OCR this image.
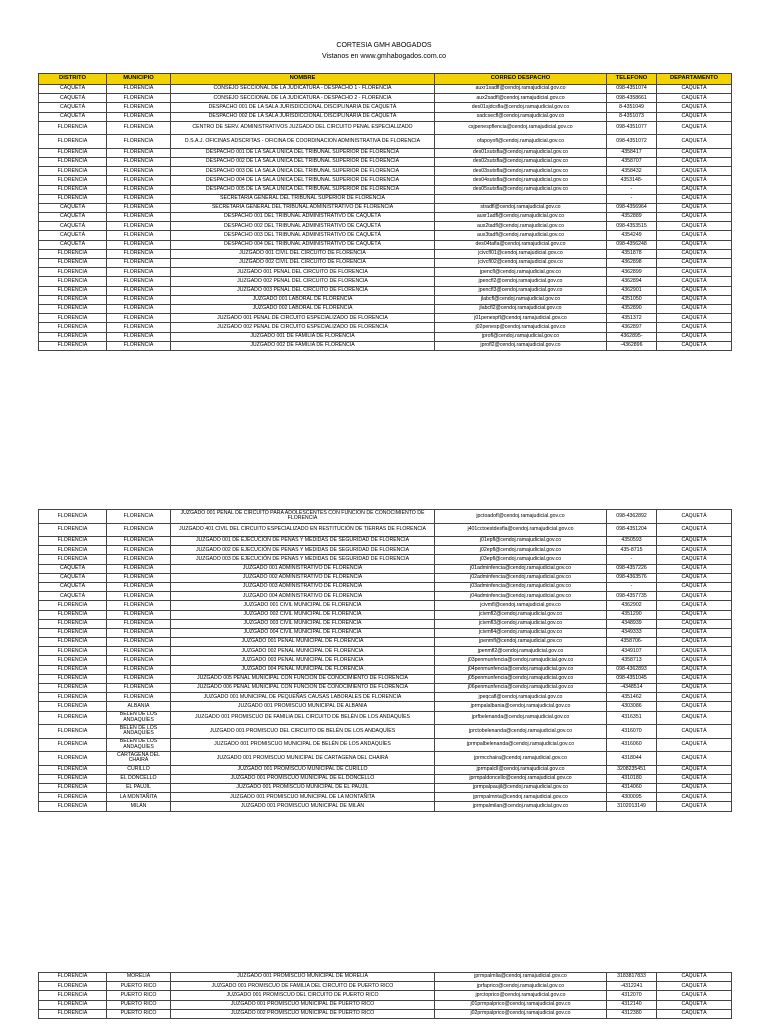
CORTESIA GMH ABOGADOS
Vistanos en www.gmhabogados.com.co
DISTRITO	MUNICIPIO	NOMBRE	CORREO DESPACHO	TELEFONO	DEPARTAMENTO
CAQUETÁ	FLORENCIA	CONSEJO SECCIONAL DE LA JUDICATURA - DESPACHO 1 - FLORENCIA	auxr1sadfl@cendoj.ramajudicial.gov.co	098-4351074	CAQUETÁ
CAQUETÁ	FLORENCIA	CONSEJO SECCIONAL DE LA JUDICATURA - DESPACHO 2 - FLORENCIA	aux2sadfl@cendoj.ramajudicial.gov.co	098-4358661	CAQUETÁ
CAQUETÁ	FLORENCIA	DESPACHO 001 DE LA SALA JURISDICCIONAL DISCIPLINARIA DE CAQUETÁ	des01sjdcsfla@cendoj.ramajudicial.gov.co	8-4351049	CAQUETÁ
CAQUETÁ	FLORENCIA	DESPACHO 002 DE LA SALA JURISDICCIONAL DISCIPLINARIA DE CAQUETÁ	sadcsecfl@cendoj.ramajudicial.gov.co	8-4351073	CAQUETÁ
FLORENCIA	FLORENCIA	CENTRO DE SERV. ADMINISTRATIVOS JUZGADO DEL CIRCUITO PENAL ESPECIALIZADO	csjpenespflencia@cendoj.ramajudicial.gov.co	098-4351077	CAQUETÁ
FLORENCIA	FLORENCIA	D.S.A.J. OFICINAS ADSCRITAS - OFICINA DE COORDINACION ADMINISTRATIVA DE FLORENCIA	ofapoyofl@cendoj.ramajudicial.gov.co	098-4351072	CAQUETÁ
FLORENCIA	FLORENCIA	DESPACHO 001 DE LA SALA ÚNICA DEL TRIBUNAL SUPERIOR DE FLORENCIA	des01sutsfla@cendoj.ramajudicial.gov.co	4358417	CAQUETÁ
FLORENCIA	FLORENCIA	DESPACHO 002 DE LA SALA ÚNICA DEL TRIBUNAL SUPERIOR DE FLORENCIA	des02sutsfla@cendoj.ramajudicial.gov.co	4358707	CAQUETÁ
FLORENCIA	FLORENCIA	DESPACHO 003 DE LA SALA ÚNICA DEL TRIBUNAL SUPERIOR DE FLORENCIA	des03sutsfla@cendoj.ramajudicial.gov.co	4358432	CAQUETÁ
FLORENCIA	FLORENCIA	DESPACHO 004 DE LA SALA ÚNICA DEL TRIBUNAL SUPERIOR DE FLORENCIA	des04sutsfla@cendoj.ramajudicial.gov.co	4353148-	CAQUETÁ
FLORENCIA	FLORENCIA	DESPACHO 005 DE LA SALA ÚNICA DEL TRIBUNAL SUPERIOR DE FLORENCIA	des05sutsfla@cendoj.ramajudicial.gov.co	-	CAQUETÁ
FLORENCIA	FLORENCIA	SECRETARIA GENERAL DEL TRIBUNAL SUPERIOR DE FLORENCIA		-	CAQUETÁ
CAQUETÁ	FLORENCIA	SECRETARÍA GENERAL DEL TRIBUNAL ADMINISTRATIVO DE FLORENCIA	stradfl@cendoj.ramajudicial.gov.co	098-4356964	CAQUETÁ
CAQUETÁ	FLORENCIA	DESPACHO 001 DEL TRIBUNAL ADMINISTRATIVO DE CAQUETÁ	auxr1adfl@cendoj.ramajudicial.gov.co	4352889	CAQUETÁ
CAQUETÁ	FLORENCIA	DESPACHO 002 DEL TRIBUNAL ADMINISTRATIVO DE CAQUETÁ	aux2tadfl@cendoj.ramajudicial.gov.co	098-4353515	CAQUETÁ
CAQUETÁ	FLORENCIA	DESPACHO 003 DEL TRIBUNAL ADMINISTRATIVO DE CAQUETÁ	aux3tadfl@cendoj.ramajudicial.gov.co	4354249	CAQUETÁ
CAQUETÁ	FLORENCIA	DESPACHO 004 DEL TRIBUNAL ADMINISTRATIVO DE CAQUETÁ	des04tafla@cendoj.ramajudicial.gov.co	098-4356248	CAQUETÁ
FLORENCIA	FLORENCIA	JUZGADO 001 CIVIL DEL CIRCUITO DE FLORENCIA	jcivcfl01@cendoj.ramajudicial.gov.co	4351878	CAQUETÁ
FLORENCIA	FLORENCIA	JUZGADO 002 CIVIL DEL CIRCUITO DE FLORENCIA	jcivcfl02@cendoj.ramajudicial.gov.co	4362898	CAQUETÁ
FLORENCIA	FLORENCIA	JUZGADO 001 PENAL DEL CIRCUITO DE FLORENCIA	jpencfl@cendoj.ramajudicial.gov.co	4362899	CAQUETÁ
FLORENCIA	FLORENCIA	JUZGADO 002 PENAL DEL CIRCUITO DE FLORENCIA	jpencfl2@cendoj.ramajudicial.gov.co	4362894	CAQUETÁ
FLORENCIA	FLORENCIA	JUZGADO 003 PENAL DEL CIRCUITO DE FLORENCIA	jpencfl3@cendoj.ramajudicial.gov.co	4362901	CAQUETÁ
FLORENCIA	FLORENCIA	JUZGADO 001 LABORAL DE FLORENCIA	jlabcfl@cendoj.ramajudicial.gov.co	4351050	CAQUETÁ
FLORENCIA	FLORENCIA	JUZGADO 002 LABORAL DE FLORENCIA	jlabcfl2@cendoj.ramajudicial.gov.co	4352890	CAQUETÁ
FLORENCIA	FLORENCIA	JUZGADO 001 PENAL DE CIRCUITO ESPECIALIZADO DE FLORENCIA	j01penespfl@cendoj.ramajudicial.gov.co	4351372	CAQUETÁ
FLORENCIA	FLORENCIA	JUZGADO 002 PENAL DE CIRCUITO ESPECIALIZADO DE FLORENCIA	j02penesp@cendoj.ramajudicial.gov.co	4362897	CAQUETÁ
FLORENCIA	FLORENCIA	JUZGADO 001 DE FAMILIA DE FLORENCIA	jprofl@cendoj.ramajudicial.gov.co	4362895-	CAQUETÁ
FLORENCIA	FLORENCIA	JUZGADO 002 DE FAMILIA DE FLORENCIA	jprofl2@cendoj.ramajudicial.gov.co	-4362896	CAQUETÁ
FLORENCIA	FLORENCIA	JUZGADO 001 PENAL DE CIRCUITO PARA ADOLESCENTES CON FUNCIÓN DE CONOCIMIENTO DE FLORENCIA	jpctoadofl@cendoj.ramajudicial.gov.co	098-4362892	CAQUETÁ
FLORENCIA	FLORENCIA	JUZGADO 401 CIVIL DEL CIRCUITO ESPECIALIZADO EN RESTITUCIÓN DE TIERRAS DE FLORENCIA	j401cctoestdesfla@cendoj.ramajudicial.gov.co	098-4351204	CAQUETÁ
FLORENCIA	FLORENCIA	JUZGADO 001 DE EJECUCIÓN DE PENAS Y MEDIDAS DE SEGURIDAD DE FLORENCIA	j01epfl@cendoj.ramajudicial.gov.co	4350593	CAQUETÁ
FLORENCIA	FLORENCIA	JUZGADO 002 DE EJECUCIÓN DE PENAS Y MEDIDAS DE SEGURIDAD DE FLORENCIA	j02epfl@cendoj.ramajudicial.gov.co	435-8715	CAQUETÁ
FLORENCIA	FLORENCIA	JUZGADO 003 DE EJECUCIÓN DE PENAS Y MEDIDAS DE SEGURIDAD DE FLORENCIA	j03epfl@cendoj.ramajudicial.gov.co	-	CAQUETÁ
CAQUETÁ	FLORENCIA	JUZGADO 001 ADMINISTRATIVO DE FLORENCIA	j01adminfencia@cendoj.ramajudicial.gov.co	098-4357226	CAQUETÁ
CAQUETÁ	FLORENCIA	JUZGADO 002 ADMINISTRATIVO DE FLORENCIA	j02adminfencia@cendoj.ramajudicial.gov.co	098-4363576	CAQUETÁ
CAQUETÁ	FLORENCIA	JUZGADO 003 ADMINISTRATIVO DE FLORENCIA	j03adminfencia@cendoj.ramajudicial.gov.co	-	CAQUETÁ
CAQUETÁ	FLORENCIA	JUZGADO 004 ADMINISTRATIVO DE FLORENCIA	j04adminfencia@cendoj.ramajudicial.gov.co	098-4357735	CAQUETÁ
FLORENCIA	FLORENCIA	JUZGADO 001 CIVIL MUNICIPAL DE FLORENCIA	jcivmfl@cendoj.ramajudicial.gov.co	4362902	CAQUETÁ
FLORENCIA	FLORENCIA	JUZGADO 002 CIVIL MUNICIPAL DE FLORENCIA	jcivmfl2@cendoj.ramajudicial.gov.co	4351290	CAQUETÁ
FLORENCIA	FLORENCIA	JUZGADO 003 CIVIL MUNICIPAL DE FLORENCIA	jcivmfl3@cendoj.ramajudicial.gov.co	4348939	CAQUETÁ
FLORENCIA	FLORENCIA	JUZGADO 004 CIVIL MUNICIPAL DE FLORENCIA	jcivmfl4@cendoj.ramajudicial.gov.co	4349333	CAQUETÁ
FLORENCIA	FLORENCIA	JUZGADO 001 PENAL MUNICIPAL DE FLORENCIA	jpenmfl@cendoj.ramajudicial.gov.co	4358706-	CAQUETÁ
FLORENCIA	FLORENCIA	JUZGADO 002 PENAL MUNICIPAL DE FLORENCIA	jpenmfl2@cendoj.ramajudicial.gov.co	4349107	CAQUETÁ
FLORENCIA	FLORENCIA	JUZGADO 003 PENAL MUNICIPAL DE FLORENCIA	j03penmunfencia@cendoj.ramajudicial.gov.co	4358713	CAQUETÁ
FLORENCIA	FLORENCIA	JUZGADO 004 PENAL MUNICIPAL DE FLORENCIA	j04penmunfencia@cendoj.ramajudicial.gov.co	098-4362893	CAQUETÁ
FLORENCIA	FLORENCIA	JUZGADO 005 PENAL MUNICIPAL CON FUNCIÓN DE CONOCIMIENTO DE FLORENCIA	j05penmunfencia@cendoj.ramajudicial.gov.co	098-4351045	CAQUETÁ
FLORENCIA	FLORENCIA	JUZGADO 006 PENAL MUNICIPAL CON FUNCIÓN DE CONOCIMIENTO DE FLORENCIA	j06penmunfencia@cendoj.ramajudicial.gov.co	-4348514	CAQUETÁ
FLORENCIA	FLORENCIA	JUZGADO 001 MUNICIPAL DE PEQUEÑAS CAUSAS LABORALES DE FLORENCIA	jpeqcafl@cendoj.ramajudicial.gov.co	4351462	CAQUETÁ
FLORENCIA	ALBANIA	JUZGADO 001 PROMISCUO MUNICIPAL DE ALBANIA	jprmpalalbania@cendoj.ramajudicial.gov.co	4303086	CAQUETÁ
FLORENCIA	BELÉN DE LOS ANDAQUÍES	JUZGADO 001 PROMISCUO DE FAMILIA DEL CIRCUITO DE BELÉN DE LOS ANDAQUÍES	jprfbelenanda@cendoj.ramajudicial.gov.co	4316351	CAQUETÁ
FLORENCIA	BELÉN DE LOS ANDAQUÍES	JUZGADO 001 PROMISCUO DEL CIRCUITO DE BELÉN DE LOS ANDAQUÍES	jprctobelenanda@cendoj.ramajudicial.gov.co	4316070	CAQUETÁ
FLORENCIA	BELÉN DE LOS ANDAQUÍES	JUZGADO 001 PROMISCUO MUNICIPAL DE BELÉN DE LOS ANDAQUÍES	jprmpalbelenanda@cendoj.ramajudicial.gov.co	4316060	CAQUETÁ
FLORENCIA	CARTAGENA DEL CHAIRÁ	JUZGADO 001 PROMISCUO MUNICIPAL DE CARTAGENA DEL CHAIRÁ	jprmcchaira@cendoj.ramajudicial.gov.co	4318044	CAQUETÁ
FLORENCIA	CURILLO	JUZGADO 001 PROMISCUO MUNICIPAL DE CURILLO	jprmpalcll@cendoj.ramajudicial.gov.co	3208235451	CAQUETÁ
FLORENCIA	EL DONCELLO	JUZGADO 001 PROMISCUO MUNICIPAL DE EL DONCELLO	jprmpaldoncello@cendoj.ramajudicial.gov.co	4310180	CAQUETÁ
FLORENCIA	EL PAUJIL	JUZGADO 001 PROMISCUO MUNICIPAL DE EL PAUJIL	jprmpalpaujil@cendoj.ramajudicial.gov.co	4314060	CAQUETÁ
FLORENCIA	LA MONTAÑITA	JUZGADO 001 PROMISCUO MUNICIPAL DE LA MONTAÑITA	jprmpalmnta@cendoj.ramajudicial.gov.co	4300095	CAQUETÁ
FLORENCIA	MILÁN	JUZGADO 001 PROMISCUO MUNICIPAL DE MILÁN	jprmpalmilan@cendoj.ramajudicial.gov.co	3102013149	CAQUETÁ
FLORENCIA	MORELIA	JUZGADO 001 PROMISCUO MUNICIPAL DE MORELIA	jprmpalmlia@cendoj.ramajudicial.gov.co	3183817833	CAQUETÁ
FLORENCIA	PUERTO RICO	JUZGADO 001 PROMISCUO DE FAMILIA DEL CIRCUITO DE PUERTO RICO	jprfaprico@cendoj.ramajudicial.gov.co	-4312241	CAQUETÁ
FLORENCIA	PUERTO RICO	JUZGADO 001 PROMISCUO DEL CIRCUITO DE PUERTO RICO	jprctoprico@cendoj.ramajudicial.gov.co	4312070	CAQUETÁ
FLORENCIA	PUERTO RICO	JUZGADO 001 PROMISCUO MUNICIPAL DE PUERTO RICO	j01prmpalprico@cendoj.ramajudicial.gov.co	4312140	CAQUETÁ
FLORENCIA	PUERTO RICO	JUZGADO 002 PROMISCUO MUNICIPAL DE PUERTO RICO	j02prmpalprico@cendoj.ramajudicial.gov.co	4312380	CAQUETÁ
